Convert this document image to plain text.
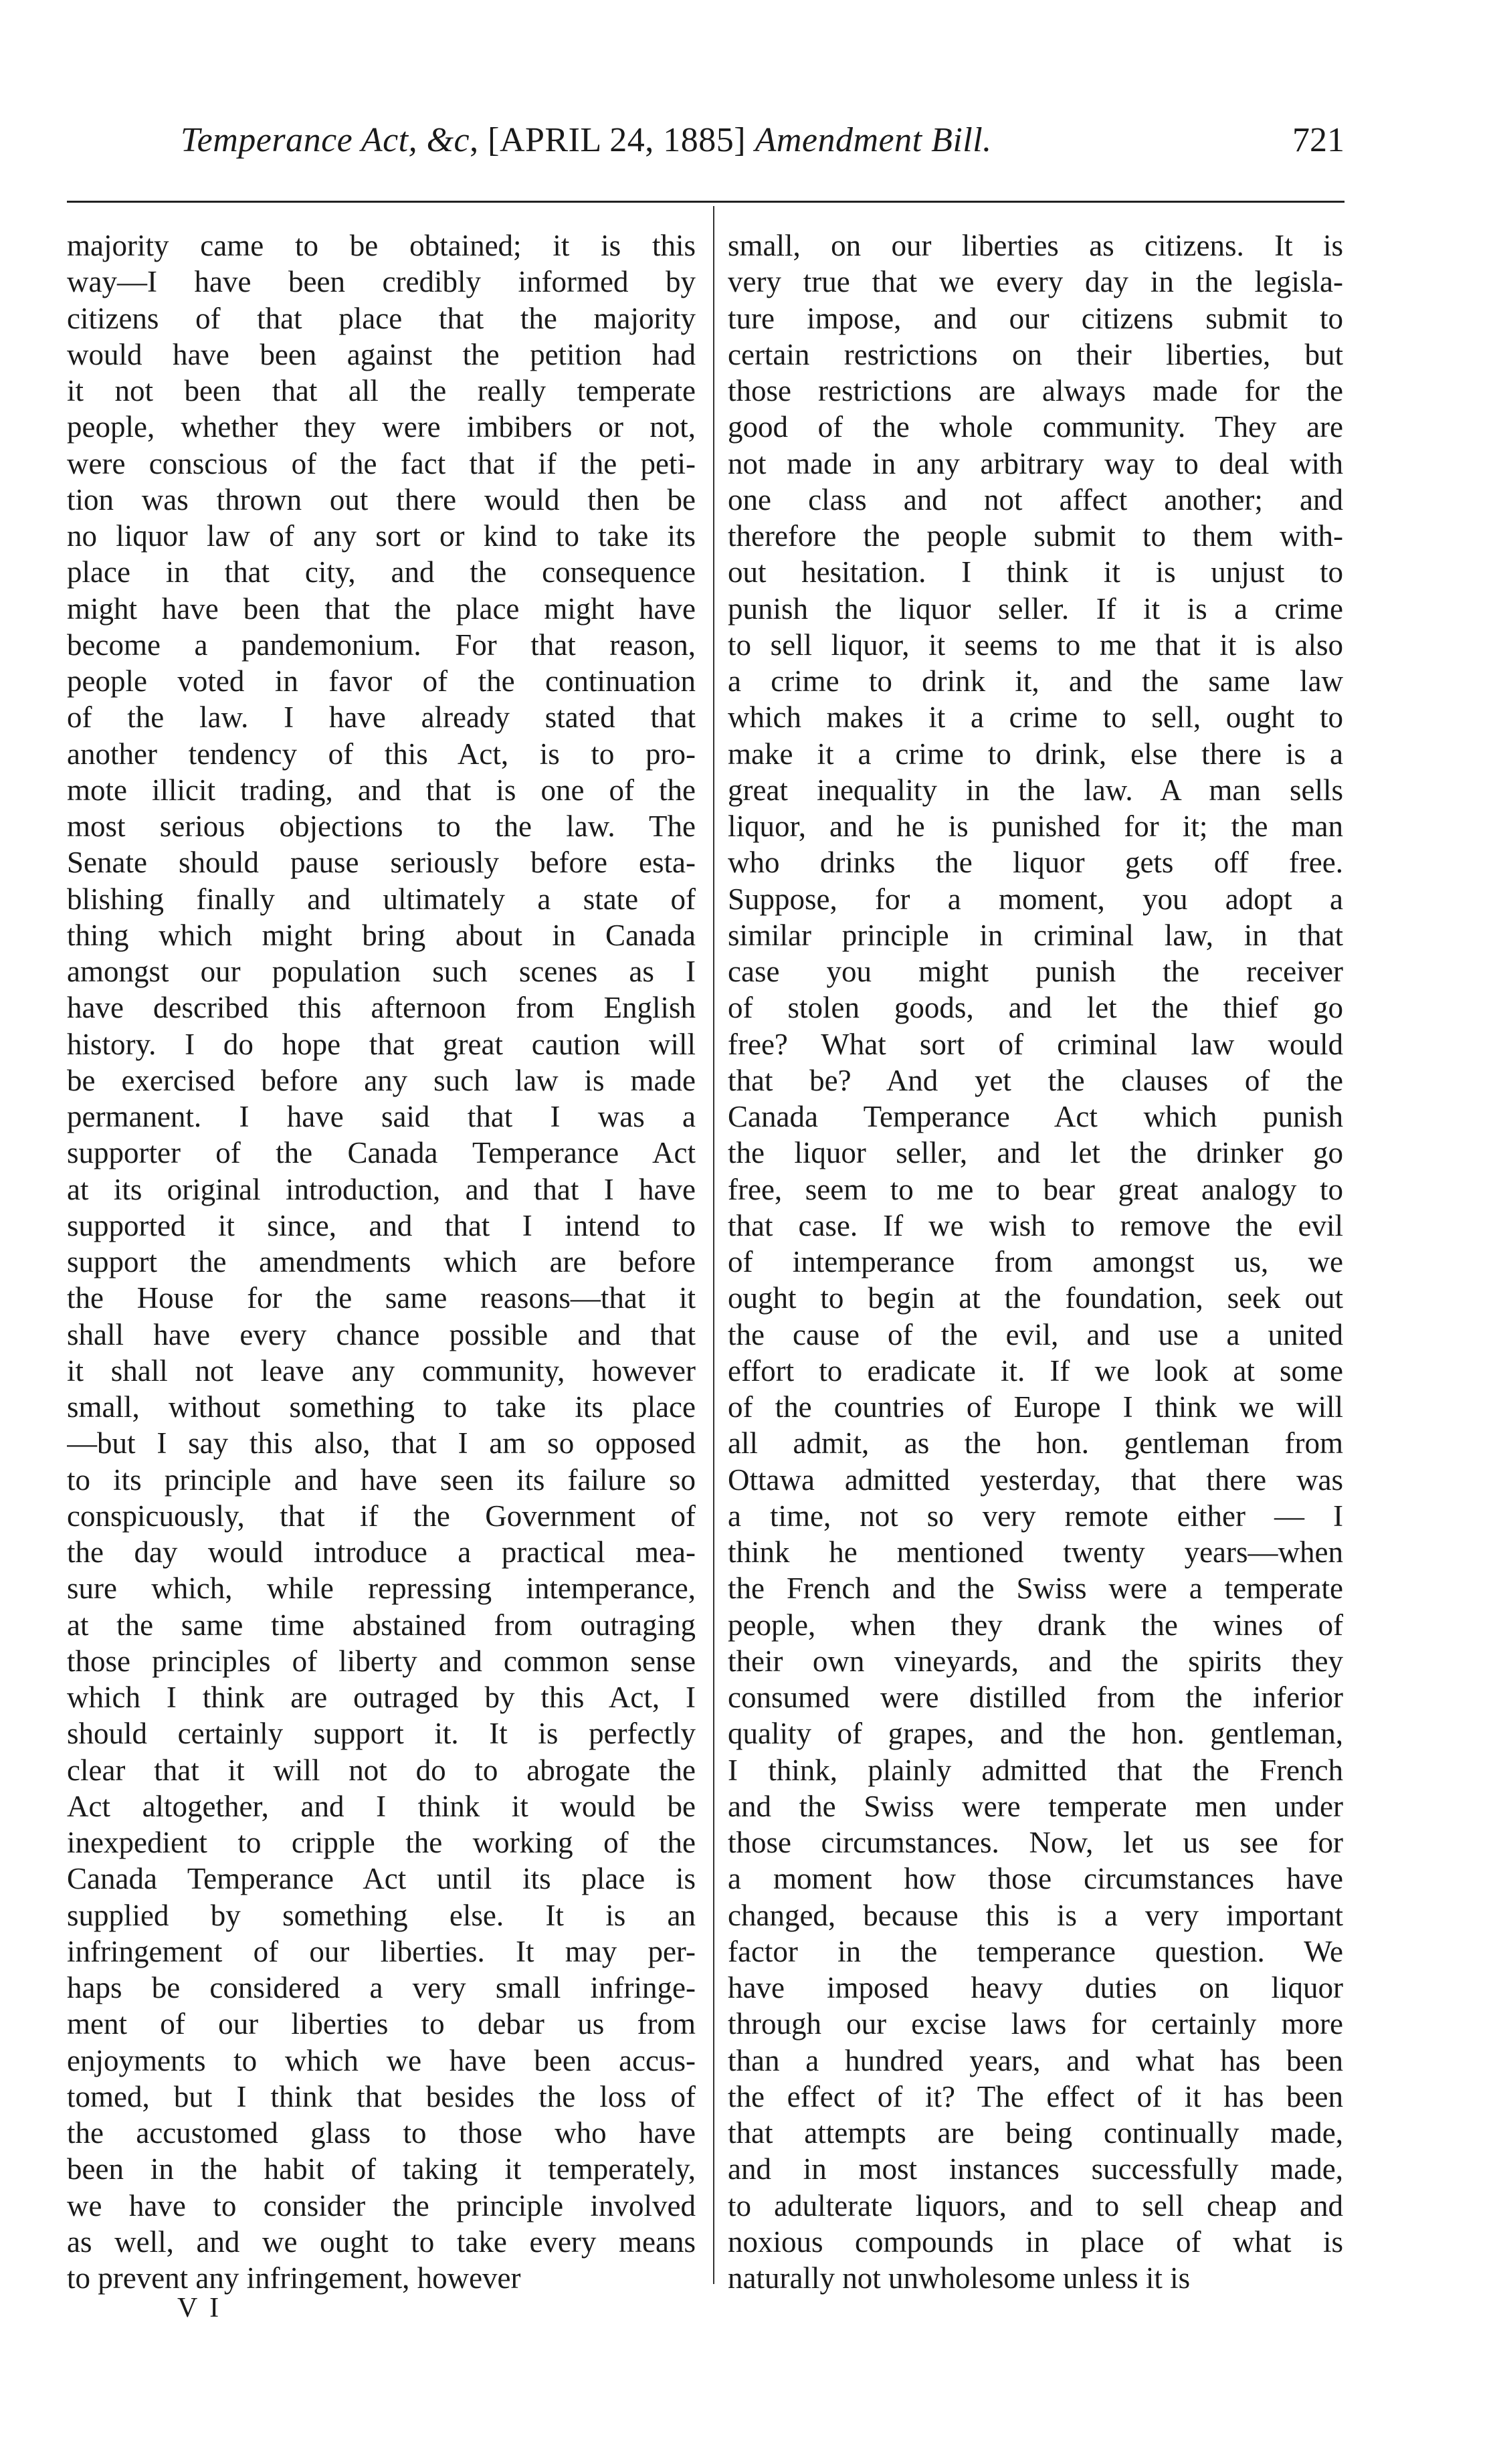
Temperance Act, &c, [APRIL 24, 1885] Amendment Bill.	721
majority came to be obtained; it is this
way—I have been credibly informed by
citizens of that place that the majority
would have been against the petition had
it not been that all the really temperate
people, whether they were imbibers or not,
were conscious of the fact that if the peti-
tion was thrown out there would then be
no liquor law of any sort or kind to take its
place in that city, and the consequence
might have been that the place might have
become a pandemonium. For that reason,
people voted in favor of the continuation
of the law. I have already stated that
another tendency of this Act, is to pro-
mote illicit trading, and that is one of the
most serious objections to the law. The
Senate should pause seriously before esta-
blishing finally and ultimately a state of
thing which might bring about in Canada
amongst our population such scenes as I
have described this afternoon from English
history. I do hope that great caution will
be exercised before any such law is made
permanent. I have said that I was a
supporter of the Canada Temperance Act
at its original introduction, and that I have
supported it since, and that I intend to
support the amendments which are before
the House for the same reasons—that it
shall have every chance possible and that
it shall not leave any community, however
small, without something to take its place
—but I say this also, that I am so opposed
to its principle and have seen its failure so
conspicuously, that if the Government of
the day would introduce a practical mea-
sure which, while repressing intemperance,
at the same time abstained from outraging
those principles of liberty and common sense
which I think are outraged by this Act, I
should certainly support it. It is perfectly
clear that it will not do to abrogate the
Act altogether, and I think it would be
inexpedient to cripple the working of the
Canada Temperance Act until its place is
supplied by something else. It is an
infringement of our liberties. It may per-
haps be considered a very small infringe-
ment of our liberties to debar us from
enjoyments to which we have been accus-
tomed, but I think that besides the loss of
the accustomed glass to those who have
been in the habit of taking it temperately,
we have to consider the principle involved
as well, and we ought to take every means
to prevent any infringement, however
small, on our liberties as citizens. It is
very true that we every day in the legisla-
ture impose, and our citizens submit to
certain restrictions on their liberties, but
those restrictions are always made for the
good of the whole community. They are
not made in any arbitrary way to deal with
one class and not affect another; and
therefore the people submit to them with-
out hesitation. I think it is unjust to
punish the liquor seller. If it is a crime
to sell liquor, it seems to me that it is also
a crime to drink it, and the same law
which makes it a crime to sell, ought to
make it a crime to drink, else there is a
great inequality in the law. A man sells
liquor, and he is punished for it; the man
who drinks the liquor gets off free.
Suppose, for a moment, you adopt a
similar principle in criminal law, in that
case you might punish the receiver
of stolen goods, and let the thief go
free? What sort of criminal law would
that be? And yet the clauses of the
Canada Temperance Act which punish
the liquor seller, and let the drinker go
free, seem to me to bear great analogy to
that case. If we wish to remove the evil
of intemperance from amongst us, we
ought to begin at the foundation, seek out
the cause of the evil, and use a united
effort to eradicate it. If we look at some
of the countries of Europe I think we will
all admit, as the hon. gentleman from
Ottawa admitted yesterday, that there was
a time, not so very remote either — I
think he mentioned twenty years—when
the French and the Swiss were a temperate
people, when they drank the wines of
their own vineyards, and the spirits they
consumed were distilled from the inferior
quality of grapes, and the hon. gentleman,
I think, plainly admitted that the French
and the Swiss were temperate men under
those circumstances. Now, let us see for
a moment how those circumstances have
changed, because this is a very important
factor in the temperance question. We
have imposed heavy duties on liquor
through our excise laws for certainly more
than a hundred years, and what has been
the effect of it? The effect of it has been
that attempts are being continually made,
and in most instances successfully made,
to adulterate liquors, and to sell cheap and
noxious compounds in place of what is
naturally not unwholesome unless it is
V I
